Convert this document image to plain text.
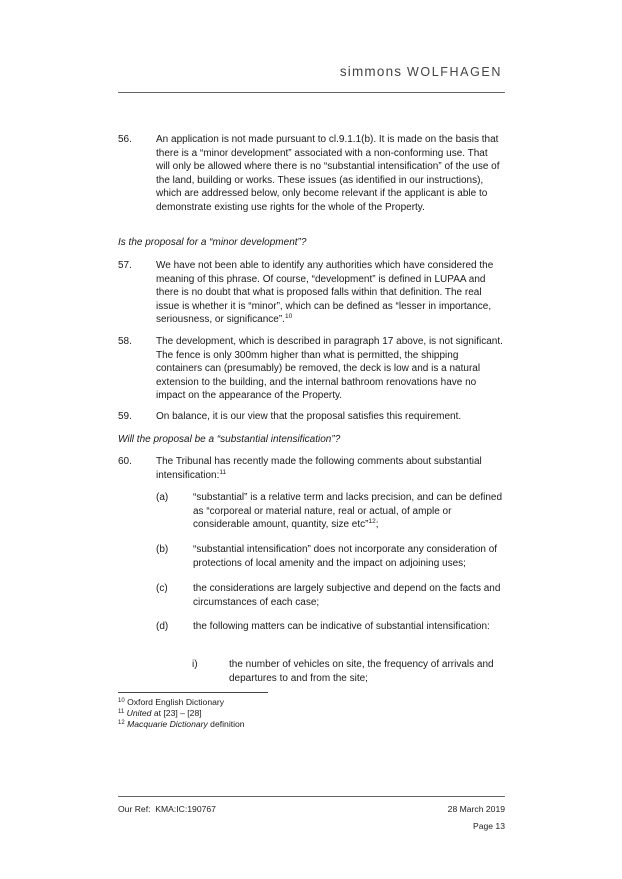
simmons WOLFHAGEN
56. An application is not made pursuant to cl.9.1.1(b). It is made on the basis that there is a “minor development” associated with a non-conforming use. That will only be allowed where there is no “substantial intensification” of the use of the land, building or works. These issues (as identified in our instructions), which are addressed below, only become relevant if the applicant is able to demonstrate existing use rights for the whole of the Property.
Is the proposal for a “minor development”?
57. We have not been able to identify any authorities which have considered the meaning of this phrase. Of course, “development” is defined in LUPAA and there is no doubt that what is proposed falls within that definition. The real issue is whether it is “minor”, which can be defined as “lesser in importance, seriousness, or significance”.$^{10}$
58. The development, which is described in paragraph 17 above, is not significant. The fence is only 300mm higher than what is permitted, the shipping containers can (presumably) be removed, the deck is low and is a natural extension to the building, and the internal bathroom renovations have no impact on the appearance of the Property.
59. On balance, it is our view that the proposal satisfies this requirement.
Will the proposal be a “substantial intensification”?
60. The Tribunal has recently made the following comments about substantial intensification:$^{11}$
(a) “substantial” is a relative term and lacks precision, and can be defined as “corporeal or material nature, real or actual, of ample or considerable amount, quantity, size etc”$^{12}$;
(b) “substantial intensification” does not incorporate any consideration of protections of local amenity and the impact on adjoining uses;
(c)	the considerations are largely subjective and depend on the facts and circumstances of each case;
(d) the following matters can be indicative of substantial intensification:
i)	the number of vehicles on site, the frequency of arrivals and departures to and from the site;
$^{10}$ Oxford English Dictionary
$^{11}$ United at [23] – [28]
$^{12}$ Macquarie Dictionary definition
Our Ref: KMA:IC:190767	28 March 2019
Page 13
